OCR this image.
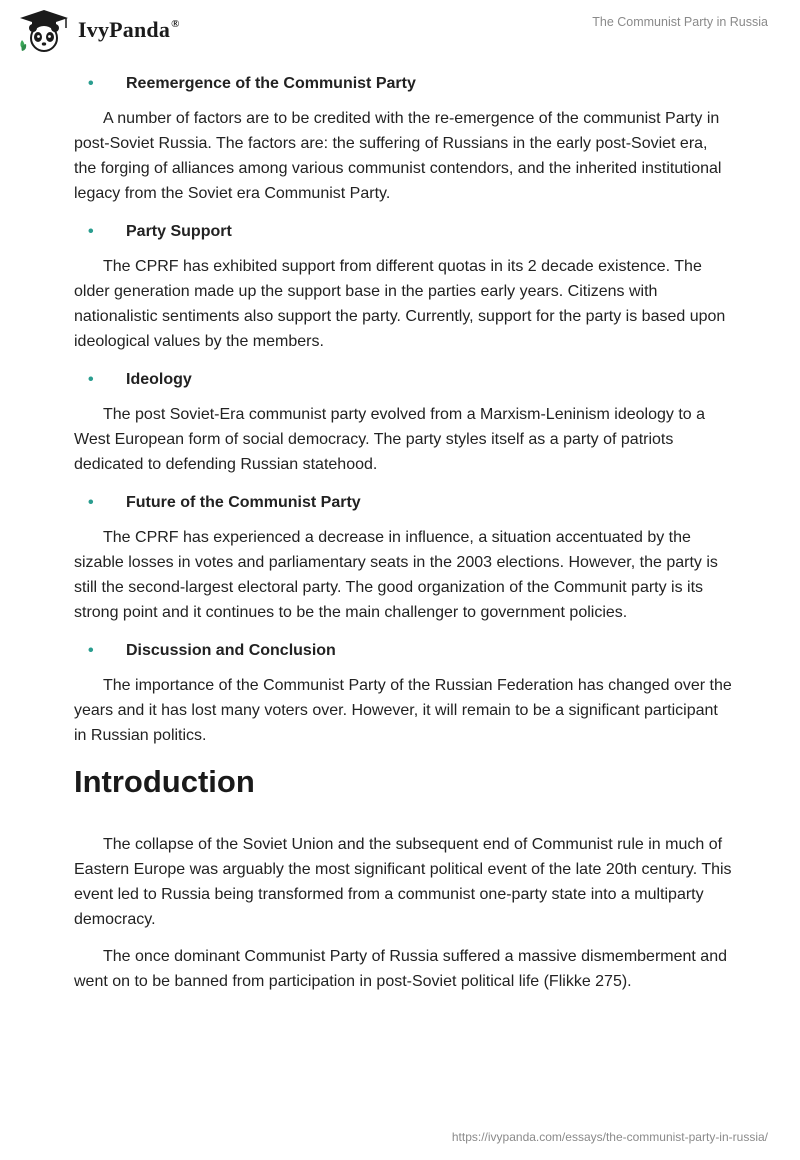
IvyPanda®	The Communist Party in Russia
•	Reemergence of the Communist Party

A number of factors are to be credited with the re-emergence of the communist Party in post-Soviet Russia. The factors are: the suffering of Russians in the early post-Soviet era, the forging of alliances among various communist contendors, and the inherited institutional legacy from the Soviet era Communist Party.

•	Party Support

The CPRF has exhibited support from different quotas in its 2 decade existence. The older generation made up the support base in the parties early years. Citizens with nationalistic sentiments also support the party. Currently, support for the party is based upon ideological values by the members.

•	Ideology

The post Soviet-Era communist party evolved from a Marxism-Leninism ideology to a West European form of social democracy. The party styles itself as a party of patriots dedicated to defending Russian statehood.

•	Future of the Communist Party

The CPRF has experienced a decrease in influence, a situation accentuated by the sizable losses in votes and parliamentary seats in the 2003 elections. However, the party is still the second-largest electoral party. The good organization of the Communit party is its strong point and it continues to be the main challenger to government policies.

•	Discussion and Conclusion

The importance of the Communist Party of the Russian Federation has changed over the years and it has lost many voters over. However, it will remain to be a significant participant in Russian politics.

Introduction

The collapse of the Soviet Union and the subsequent end of Communist rule in much of Eastern Europe was arguably the most significant political event of the late 20th century. This event led to Russia being transformed from a communist one-party state into a multiparty democracy.

The once dominant Communist Party of Russia suffered a massive dismemberment and went on to be banned from participation in post-Soviet political life (Flikke 275).

https://ivypanda.com/essays/the-communist-party-in-russia/
